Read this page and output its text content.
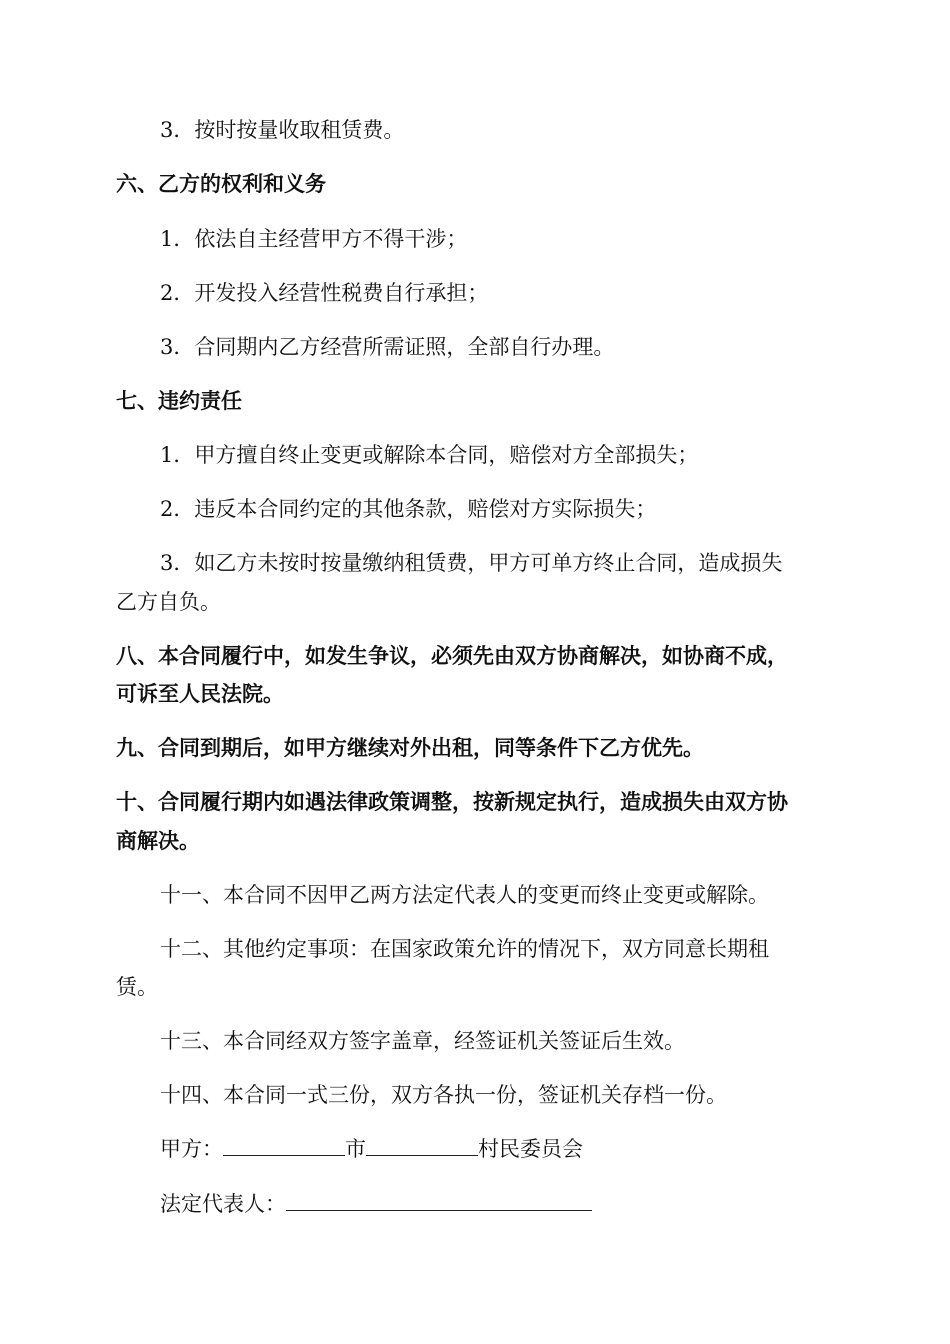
3．按时按量收取租赁费。
六、乙方的权利和义务
1．依法自主经营甲方不得干涉；
2．开发投入经营性税费自行承担；
3．合同期内乙方经营所需证照，全部自行办理。
七、违约责任
1．甲方擅自终止变更或解除本合同，赔偿对方全部损失；
2．违反本合同约定的其他条款，赔偿对方实际损失；
3．如乙方未按时按量缴纳租赁费，甲方可单方终止合同，造成损失
乙方自负。
八、本合同履行中，如发生争议，必须先由双方协商解决，如协商不成，
可诉至人民法院。
九、合同到期后，如甲方继续对外出租，同等条件下乙方优先。
十、合同履行期内如遇法律政策调整，按新规定执行，造成损失由双方协
商解决。
十一、本合同不因甲乙两方法定代表人的变更而终止变更或解除。
十二、其他约定事项：在国家政策允许的情况下，双方同意长期租
赁。
十三、本合同经双方签字盖章，经签证机关签证后生效。
十四、本合同一式三份，双方各执一份，签证机关存档一份。
甲方：	市	村民委员会
法定代表人：
